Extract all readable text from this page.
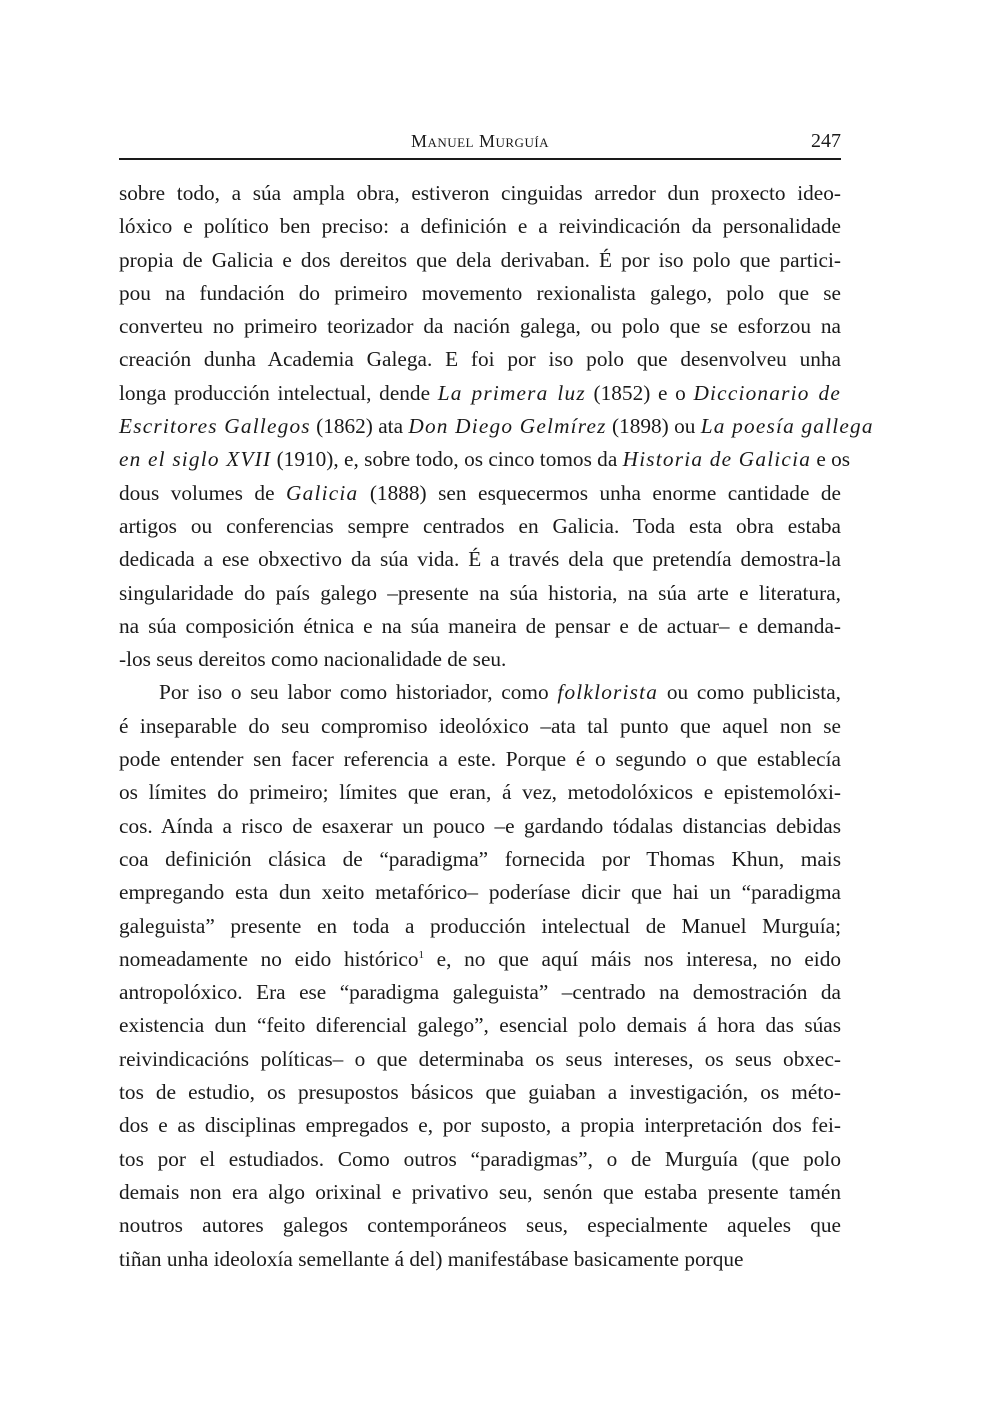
Manuel Murguía	247

sobre todo, a súa ampla obra, estiveron cinguidas arredor dun proxecto ideo-
lóxico e político ben preciso: a definición e a reivindicación da personalidade
propia de Galicia e dos dereitos que dela derivaban. É por iso polo que partici-
pou na fundación do primeiro movemento rexionalista galego, polo que se
converteu no primeiro teorizador da nación galega, ou polo que se esforzou na
creación dunha Academia Galega. E foi por iso polo que desenvolveu unha
longa producción intelectual, dende La primera luz (1852) e o Diccionario de
Escritores Gallegos (1862) ata Don Diego Gelmírez (1898) ou La poesía gallega
en el siglo XVII (1910), e, sobre todo, os cinco tomos da Historia de Galicia e os
dous volumes de Galicia (1888) sen esquecermos unha enorme cantidade de
artigos ou conferencias sempre centrados en Galicia. Toda esta obra estaba
dedicada a ese obxectivo da súa vida. É a través dela que pretendía demostra-la
singularidade do país galego –presente na súa historia, na súa arte e literatura,
na súa composición étnica e na súa maneira de pensar e de actuar– e demanda-
-los seus dereitos como nacionalidade de seu.

Por iso o seu labor como historiador, como folklorista ou como publicista,
é inseparable do seu compromiso ideolóxico –ata tal punto que aquel non se
pode entender sen facer referencia a este. Porque é o segundo o que establecía
os límites do primeiro; límites que eran, á vez, metodolóxicos e epistemolóxi-
cos. Aínda a risco de esaxerar un pouco –e gardando tódalas distancias debidas
coa definición clásica de “paradigma” fornecida por Thomas Khun, mais
empregando esta dun xeito metafórico– poderíase dicir que hai un “paradigma
galeguista” presente en toda a producción intelectual de Manuel Murguía;
nomeadamente no eido histórico$^1$ e, no que aquí máis nos interesa, no eido
antropolóxico. Era ese “paradigma galeguista” –centrado na demostración da
existencia dun “feito diferencial galego”, esencial polo demais á hora das súas
reivindicacións políticas– o que determinaba os seus intereses, os seus obxec-
tos de estudio, os presupostos básicos que guiaban a investigación, os méto-
dos e as disciplinas empregados e, por suposto, a propia interpretación dos fei-
tos por el estudiados. Como outros “paradigmas”, o de Murguía (que polo
demais non era algo orixinal e privativo seu, senón que estaba presente tamén
noutros autores galegos contemporáneos seus, especialmente aqueles que
tiñan unha ideoloxía semellante á del) manifestábase basicamente porque
